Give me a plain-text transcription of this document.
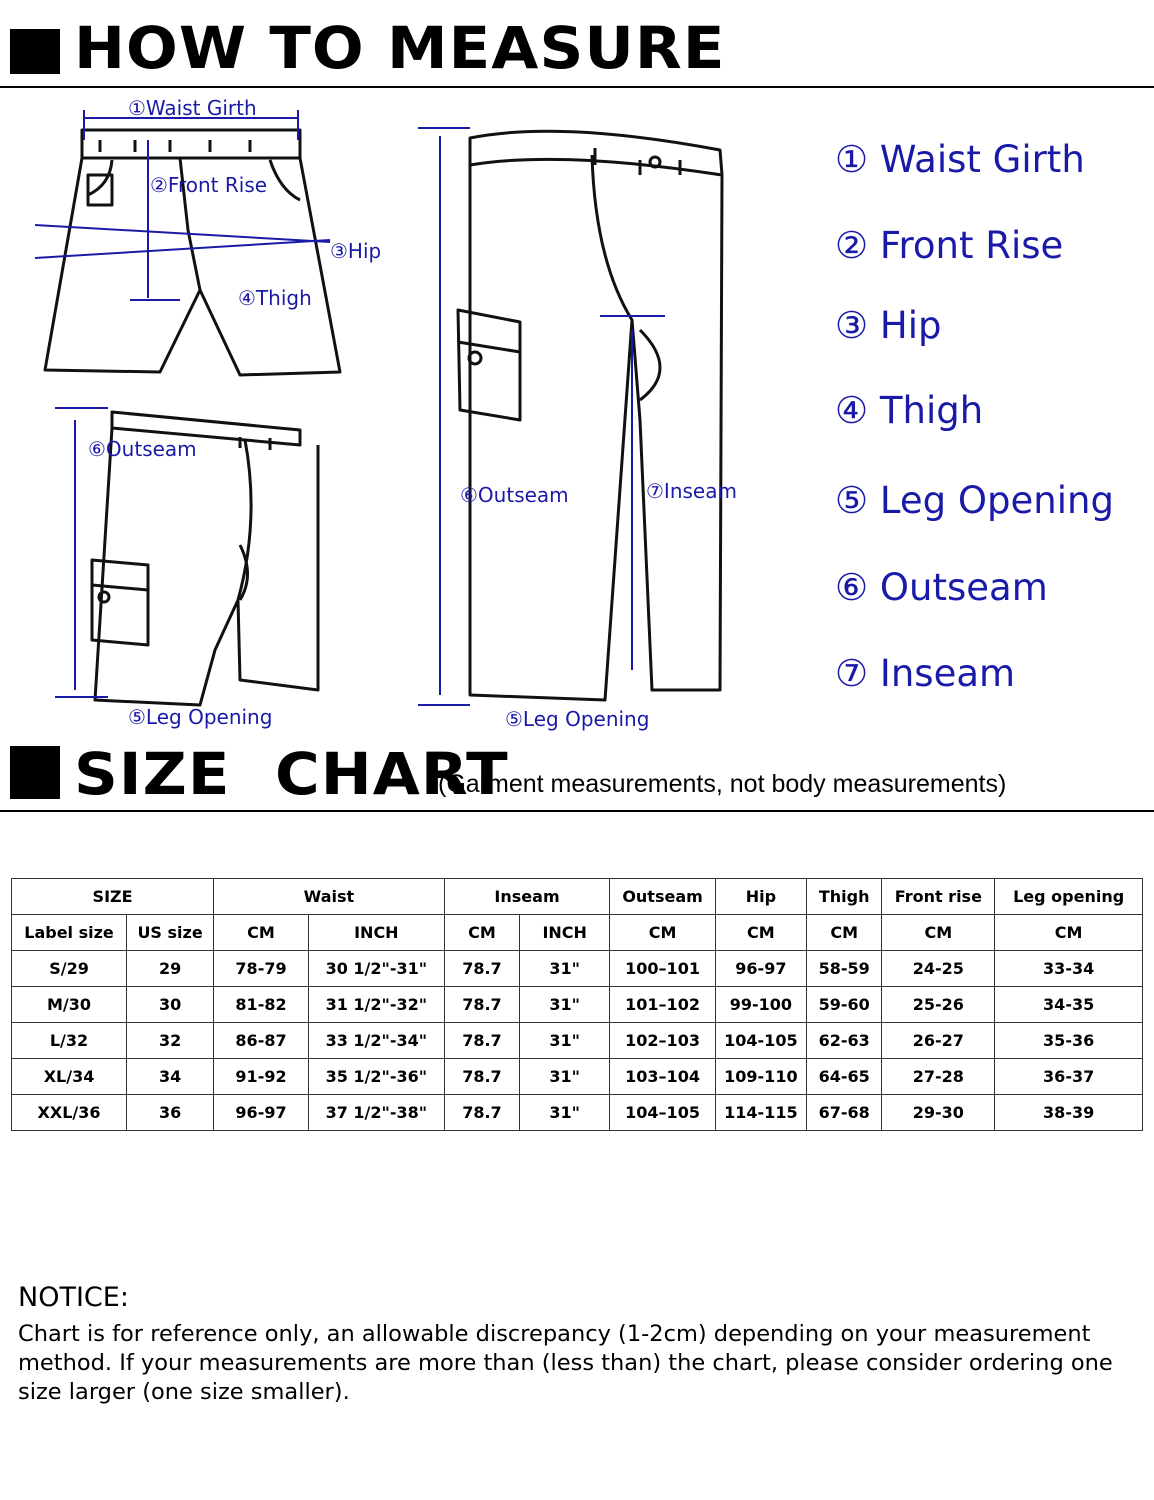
HOW TO MEASURE
①Waist Girth
②Front Rise
③Hip
④Thigh
⑥Outseam
⑤Leg Opening
⑥Outseam	⑦Inseam
⑤Leg Opening
① Waist Girth
② Front Rise
③ Hip
④ Thigh
⑤ Leg Opening
⑥ Outseam
⑦ Inseam
SIZE  CHART
(Garment measurements, not body measurements)
SIZE		Waist		Inseam		Outseam	Hip	Thigh	Front rise	Leg opening
Label size	US size	CM	INCH	CM	INCH	CM	CM	CM	CM	CM
S/29	29	78-79	30 1/2"-31"	78.7	31"	100–101	96-97	58-59	24-25	33-34
M/30	30	81-82	31 1/2"-32"	78.7	31"	101–102	99-100	59-60	25-26	34-35
L/32	32	86-87	33 1/2"-34"	78.7	31"	102–103	104-105	62-63	26-27	35-36
XL/34	34	91-92	35 1/2"-36"	78.7	31"	103–104	109-110	64-65	27-28	36-37
XXL/36	36	96-97	37 1/2"-38"	78.7	31"	104–105	114-115	67-68	29-30	38-39
NOTICE:
Chart is for reference only, an allowable discrepancy (1-2cm) depending on your measurement method. If your measurements are more than (less than) the chart, please consider ordering one size larger (one size smaller).
